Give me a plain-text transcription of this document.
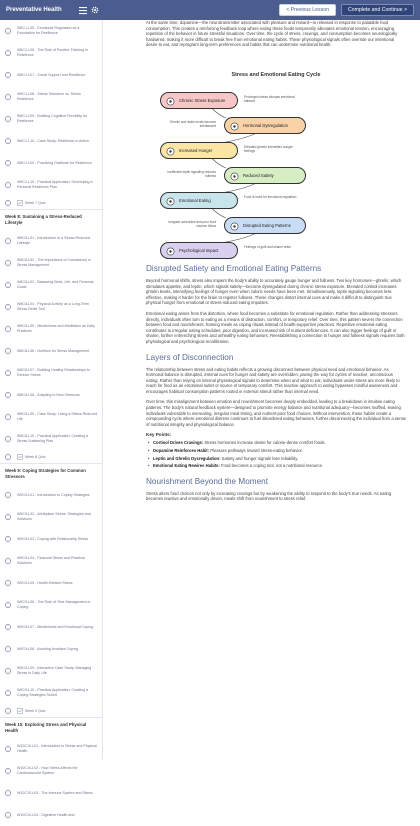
Preventative Health	< Previous Lesson	Complete and Continue >
W6C1-L05 - Emotional Regulation as a Foundation for Resilience
W6C1-L06 - The Role of Positive Thinking in Resilience
W6C1-L07 - Social Support and Resilience
W6C1-L08 - Stress Tolerance vs. Stress Resilience
W6C1-L09 - Building Cognitive Flexibility for Resilience
W6C1-L10 - Case Study: Resilience in Action
W6C1-L09 - Practicing Gratitude for Resilience
W6C1-L10 - Practical Application: Developing a Personal Resilience Plan
Week 7 Quiz
Week 8: Sustaining a Stress-Reduced Lifestyle
W8C8-L01 - Introduction to a Stress-Reduced Lifestyle
W8C8-L02 - The Importance of Consistency in Stress Management
W8C8-L03 - Balancing Work, Life, and Personal Goals
W8C8-L04 - Physical Activity as a Long-Term Stress Relief Tool
W8C8-L05 - Mindfulness and Meditation as Daily Practices
W8C8-L06 - Nutrition for Stress Management
W8C8-L07 - Building Healthy Relationships to Reduce Stress
W8C8-L08 - Adapting to New Stressors
W8C8-L09 - Case Study: Living a Stress-Reduced Life
W8C8-L10 - Practical Application: Creating a Stress Sustaining Plan
Week 8 Quiz
Week 9: Coping Strategies for Common Stressors
W9C9-L01 - Introduction to Coping Strategies
W9C9-L02 - Workplace Stress: Strategies and Solutions
W9C9-L03 - Coping with Relationship Stress
W9C9-L04 - Financial Stress and Practical Solutions
W9C9-L05 - Health-Related Stress
W9C9-L06 - The Role of Time Management in Coping
W9C9-L07 - Mindfulness and Emotional Coping
W9C9-L08 - Avoiding Avoidant Coping
W9C9-L09 - Interactive Case Study: Managing Stress in Daily Life
W9C9-L10 - Practical Application: Creating a Coping Strategies Toolkit
Week 9 Quiz
Week 10: Exploring Stress and Physical Health
W10C10-L01 - Introduction to Stress and Physical Health
W10C10-L02 - How Stress Affects the Cardiovascular System
W10C10-L03 - The Immune System and Stress
W10C10-L04 - Digestive Health and

At the same time, dopamine—the neurotransmitter associated with pleasure and reward—is released in response to palatable food consumption. This creates a reinforcing feedback loop where eating these foods temporarily alleviates emotional tension, encouraging repetition of the behavior in future stressful situations. Over time, the cycle of stress, cravings, and consumption becomes neurologically hardwired, making it more difficult to break free from emotional eating habits. These physiological signals often override our intentional desire to eat, and reprogram long-term preferences and habits that can undermine nutritional health.

Stress and Emotional Eating Cycle
Chronic Stress Exposure
Prolonged stress disrupts emotional balance
Hormonal Dysregulation
Ghrelin and leptin levels become imbalanced
Increased Hunger
Elevated ghrelin intensifies hunger feelings
Reduced Satiety
Ineffective leptin signaling reduces fullness
Emotional Eating
Food is used for emotional regulation
Disrupted Eating Patterns
Irregular schedules and poor food choices follow
Psychological Impact
Feelings of guilt and shame arise
Disrupted Satiety and Emotional Eating Patterns

Beyond hormonal shifts, stress also impairs the body's ability to accurately gauge hunger and fullness. Two key hormones—ghrelin, which stimulates appetite, and leptin, which signals satiety—become dysregulated during chronic stress exposure. Elevated cortisol increases ghrelin levels, intensifying feelings of hunger even when caloric needs have been met. Simultaneously, leptin signaling becomes less effective, making it harder for the brain to register fullness. These changes distort internal cues and make it difficult to distinguish true physical hunger from emotional or stress-induced eating impulses.

Emotional eating arises from this distortion, where food becomes a substitute for emotional regulation. Rather than addressing stressors directly, individuals often turn to eating as a means of distraction, comfort, or temporary relief. Over time, this pattern severs the connection between food and nourishment, framing meals as coping rituals instead of health-supportive practices. Repetitive emotional eating contributes to irregular eating schedules, poor digestion, and increased risk of nutrient deficiencies. It can also trigger feelings of guilt or shame, further entrenching stress and unhealthy eating behaviors. Reestablishing a connection to hunger and fullness signals requires both physiological and psychological recalibration.

Layers of Disconnection

The relationship between stress and eating habits reflects a growing disconnect between physical need and emotional behavior. As hormonal balance is disrupted, internal cues for hunger and satiety are overridden, paving the way for cycles of reactive, unconscious eating. Rather than relying on internal physiological signals to determine when and what to eat, individuals under stress are more likely to reach for food as an emotional outlet or source of temporary comfort. This reactive approach to eating bypasses mindful awareness and encourages habitual consumption patterns rooted in external stimuli rather than internal need.

Over time, this misalignment between emotion and nourishment becomes deeply embedded, leading to a breakdown in intuitive eating patterns. The body's natural feedback system—designed to promote energy balance and nutritional adequacy—becomes muffled, leaving individuals vulnerable to overeating, irregular meal timing, and nutrient-poor food choices. Without intervention, these habits create a compounding cycle where emotional distress continues to fuel disordered eating behaviors, further disconnecting the individual from a sense of nutritional integrity and physiological balance.

Key Points:
• Cortisol Drives Cravings: Stress hormones increase desire for calorie-dense comfort foods.
• Dopamine Reinforces Habit: Pleasure pathways reward stress-eating behavior.
• Leptin and Ghrelin Dysregulation: Satiety and hunger signals lose reliability.
• Emotional Eating Rewires Habits: Food becomes a coping tool, not a nutritional resource.
Nourishment Beyond the Moment

Stress alters food choices not only by increasing cravings but by weakening the ability to respond to the body's true needs. As eating becomes reactive and emotionally driven, meals shift from nourishment to stress relief.
